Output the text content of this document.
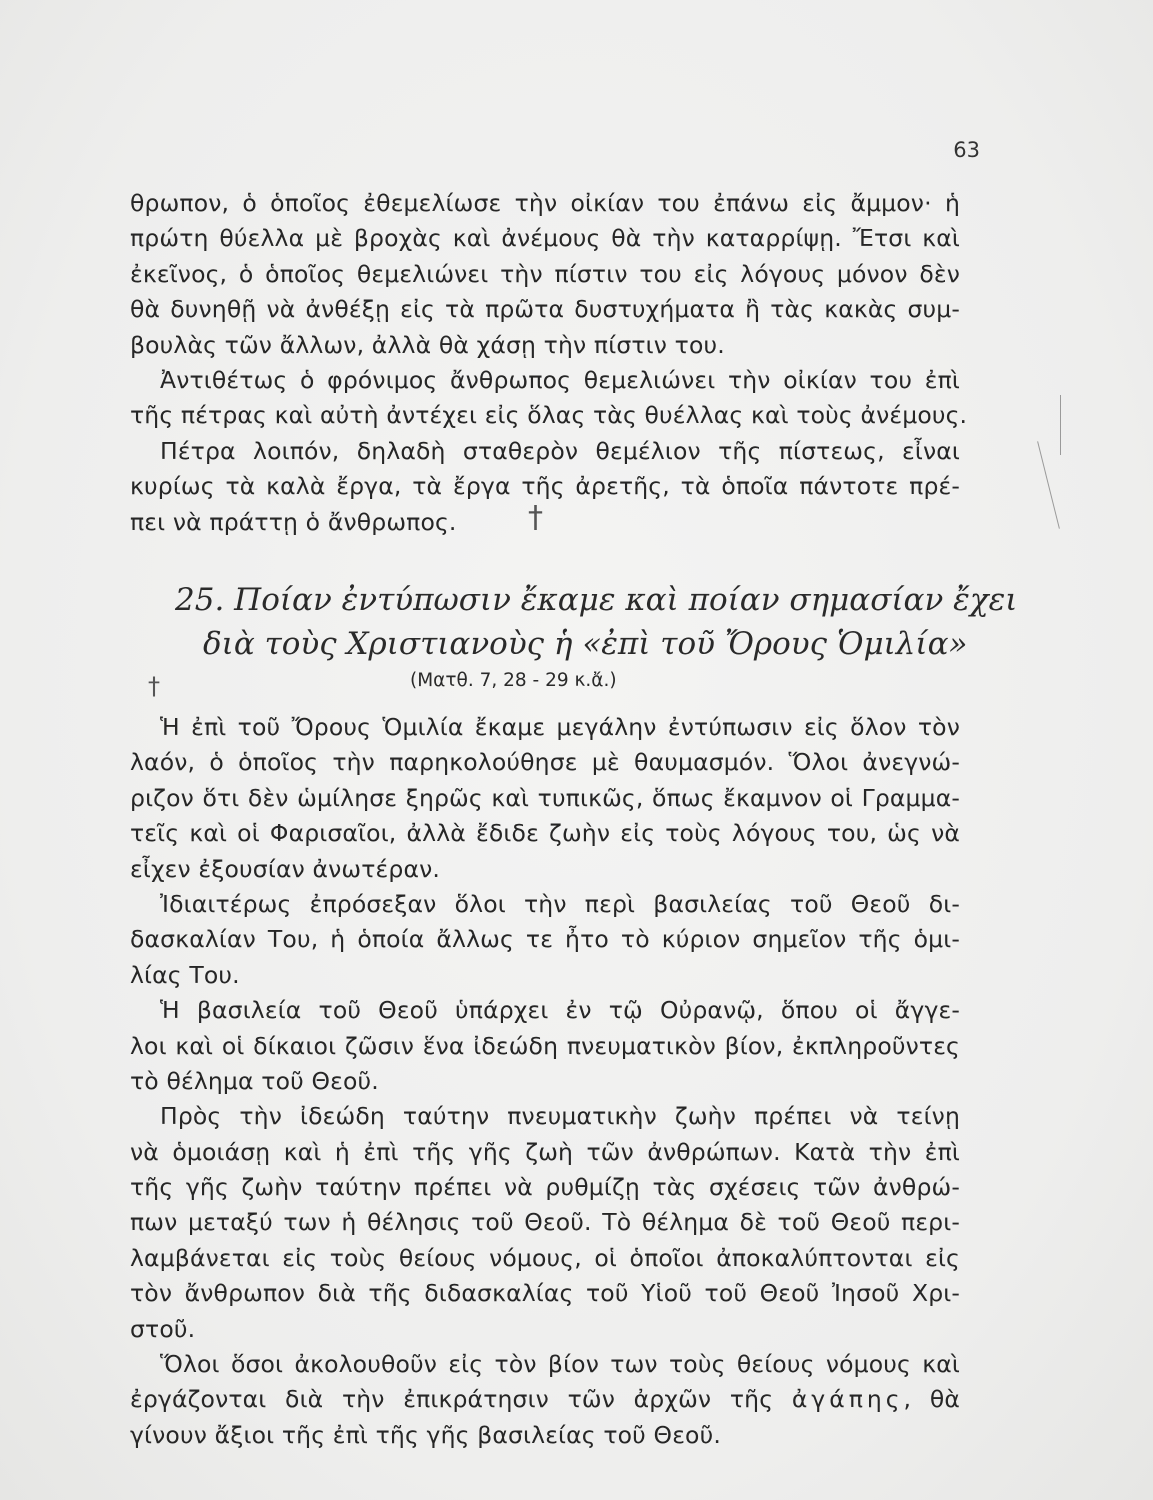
63
θρωπον, ὁ ὁποῖος ἐθεμελίωσε τὴν οἰκίαν του ἐπάνω εἰς ἄμμον· ἡ
πρώτη θύελλα μὲ βροχὰς καὶ ἀνέμους θὰ τὴν καταρρίψῃ. Ἔτσι καὶ
ἐκεῖνος, ὁ ὁποῖος θεμελιώνει τὴν πίστιν του εἰς λόγους μόνον δὲν
θὰ δυνηθῇ νὰ ἀνθέξῃ εἰς τὰ πρῶτα δυστυχήματα ἢ τὰς κακὰς συμ-
βουλὰς τῶν ἄλλων, ἀλλὰ θὰ χάσῃ τὴν πίστιν του.
Ἀντιθέτως ὁ φρόνιμος ἄνθρωπος θεμελιώνει τὴν οἰκίαν του ἐπὶ
τῆς πέτρας καὶ αὐτὴ ἀντέχει εἰς ὅλας τὰς θυέλλας καὶ τοὺς ἀνέμους.
Πέτρα λοιπόν, δηλαδὴ σταθερὸν θεμέλιον τῆς πίστεως, εἶναι
κυρίως τὰ καλὰ ἔργα, τὰ ἔργα τῆς ἀρετῆς, τὰ ὁποῖα πάντοτε πρέ-
πει νὰ πράττῃ ὁ ἄνθρωπος.
25. Ποίαν ἐντύπωσιν ἔκαμε καὶ ποίαν σημασίαν ἔχει
διὰ τοὺς Χριστιανοὺς ἡ «ἐπὶ τοῦ Ὄρους Ὁμιλία»
(Ματθ. 7, 28 - 29 κ.ἄ.)
Ἡ ἐπὶ τοῦ Ὄρους Ὁμιλία ἔκαμε μεγάλην ἐντύπωσιν εἰς ὅλον τὸν
λαόν, ὁ ὁποῖος τὴν παρηκολούθησε μὲ θαυμασμόν. Ὅλοι ἀνεγνώ-
ριζον ὅτι δὲν ὡμίλησε ξηρῶς καὶ τυπικῶς, ὅπως ἔκαμνον οἱ Γραμμα-
τεῖς καὶ οἱ Φαρισαῖοι, ἀλλὰ ἔδιδε ζωὴν εἰς τοὺς λόγους του, ὡς νὰ
εἶχεν ἐξουσίαν ἀνωτέραν.
Ἰδιαιτέρως ἐπρόσεξαν ὅλοι τὴν περὶ βασιλείας τοῦ Θεοῦ δι-
δασκαλίαν Του, ἡ ὁποία ἄλλως τε ἦτο τὸ κύριον σημεῖον τῆς ὁμι-
λίας Του.
Ἡ βασιλεία τοῦ Θεοῦ ὑπάρχει ἐν τῷ Οὐρανῷ, ὅπου οἱ ἄγγε-
λοι καὶ οἱ δίκαιοι ζῶσιν ἕνα ἰδεώδη πνευματικὸν βίον, ἐκπληροῦντες
τὸ θέλημα τοῦ Θεοῦ.
Πρὸς τὴν ἰδεώδη ταύτην πνευματικὴν ζωὴν πρέπει νὰ τείνῃ
νὰ ὁμοιάσῃ καὶ ἡ ἐπὶ τῆς γῆς ζωὴ τῶν ἀνθρώπων. Κατὰ τὴν ἐπὶ
τῆς γῆς ζωὴν ταύτην πρέπει νὰ ρυθμίζῃ τὰς σχέσεις τῶν ἀνθρώ-
πων μεταξύ των ἡ θέλησις τοῦ Θεοῦ. Τὸ θέλημα δὲ τοῦ Θεοῦ περι-
λαμβάνεται εἰς τοὺς θείους νόμους, οἱ ὁποῖοι ἀποκαλύπτονται εἰς
τὸν ἄνθρωπον διὰ τῆς διδασκαλίας τοῦ Υἱοῦ τοῦ Θεοῦ Ἰησοῦ Χρι-
στοῦ.
Ὅλοι ὅσοι ἀκολουθοῦν εἰς τὸν βίον των τοὺς θείους νόμους καὶ
ἐργάζονται διὰ τὴν ἐπικράτησιν τῶν ἀρχῶν τῆς ἀγάπης, θὰ
γίνουν ἄξιοι τῆς ἐπὶ τῆς γῆς βασιλείας τοῦ Θεοῦ.
†
†
